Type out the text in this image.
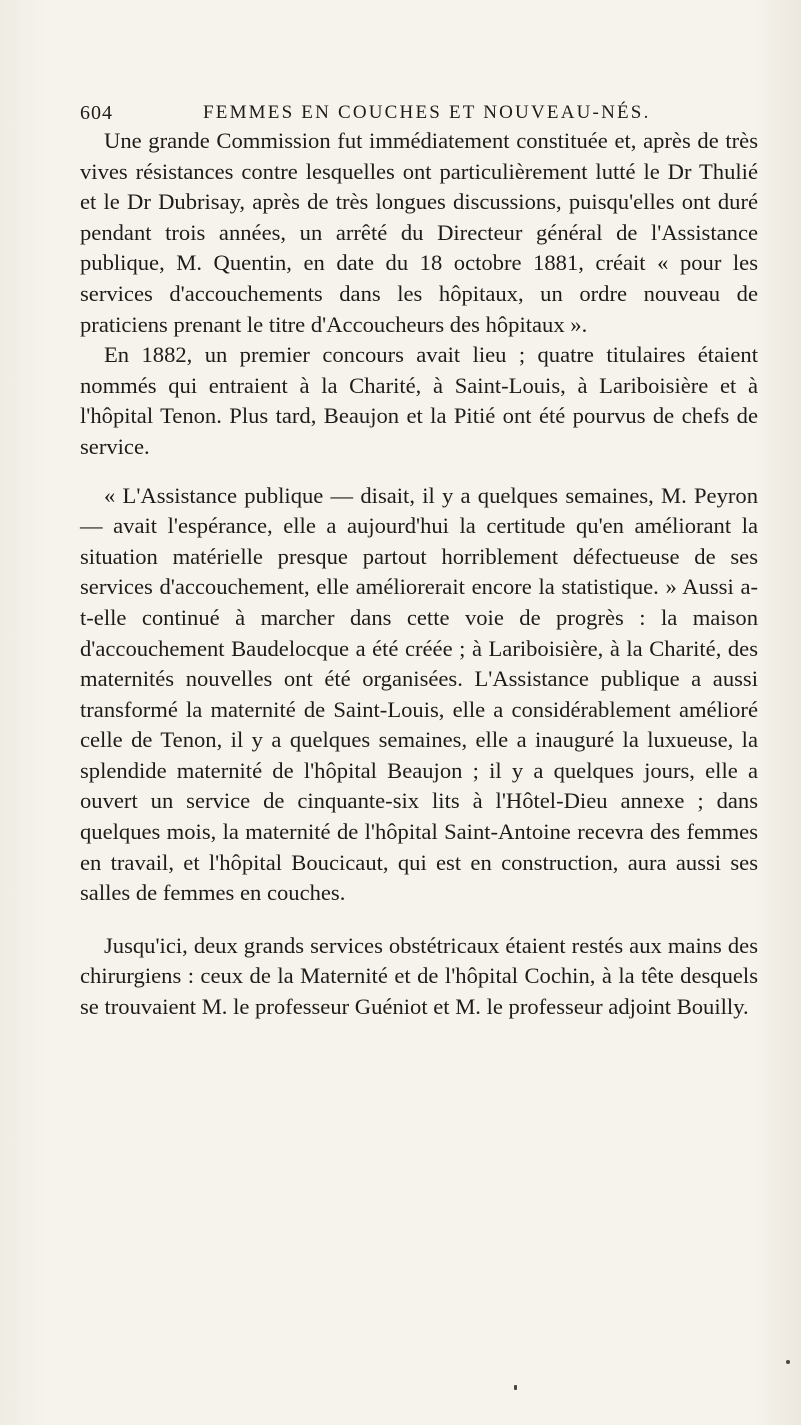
604	FEMMES EN COUCHES ET NOUVEAU-NÉS.

Une grande Commission fut immédiatement constituée et, après de très vives résistances contre lesquelles ont particulièrement lutté le Dr Thulié et le Dr Dubrisay, après de très longues discussions, puisqu'elles ont duré pendant trois années, un arrêté du Directeur général de l'Assistance publique, M. Quentin, en date du 18 octobre 1881, créait « pour les services d'accouchements dans les hôpitaux, un ordre nouveau de praticiens prenant le titre d'Accoucheurs des hôpitaux ».

En 1882, un premier concours avait lieu ; quatre titulaires étaient nommés qui entraient à la Charité, à Saint-Louis, à Lariboisière et à l'hôpital Tenon. Plus tard, Beaujon et la Pitié ont été pourvus de chefs de service.

« L'Assistance publique — disait, il y a quelques semaines, M. Peyron — avait l'espérance, elle a aujourd'hui la certitude qu'en améliorant la situation matérielle presque partout horriblement défectueuse de ses services d'accouchement, elle améliorerait encore la statistique. » Aussi a-t-elle continué à marcher dans cette voie de progrès : la maison d'accouchement Baudelocque a été créée ; à Lariboisière, à la Charité, des maternités nouvelles ont été organisées. L'Assistance publique a aussi transformé la maternité de Saint-Louis, elle a considérablement amélioré celle de Tenon, il y a quelques semaines, elle a inauguré la luxueuse, la splendide maternité de l'hôpital Beaujon ; il y a quelques jours, elle a ouvert un service de cinquante-six lits à l'Hôtel-Dieu annexe ; dans quelques mois, la maternité de l'hôpital Saint-Antoine recevra des femmes en travail, et l'hôpital Boucicaut, qui est en construction, aura aussi ses salles de femmes en couches.

Jusqu'ici, deux grands services obstétricaux étaient restés aux mains des chirurgiens : ceux de la Maternité et de l'hôpital Cochin, à la tête desquels se trouvaient M. le professeur Guéniot et M. le professeur adjoint Bouilly.
